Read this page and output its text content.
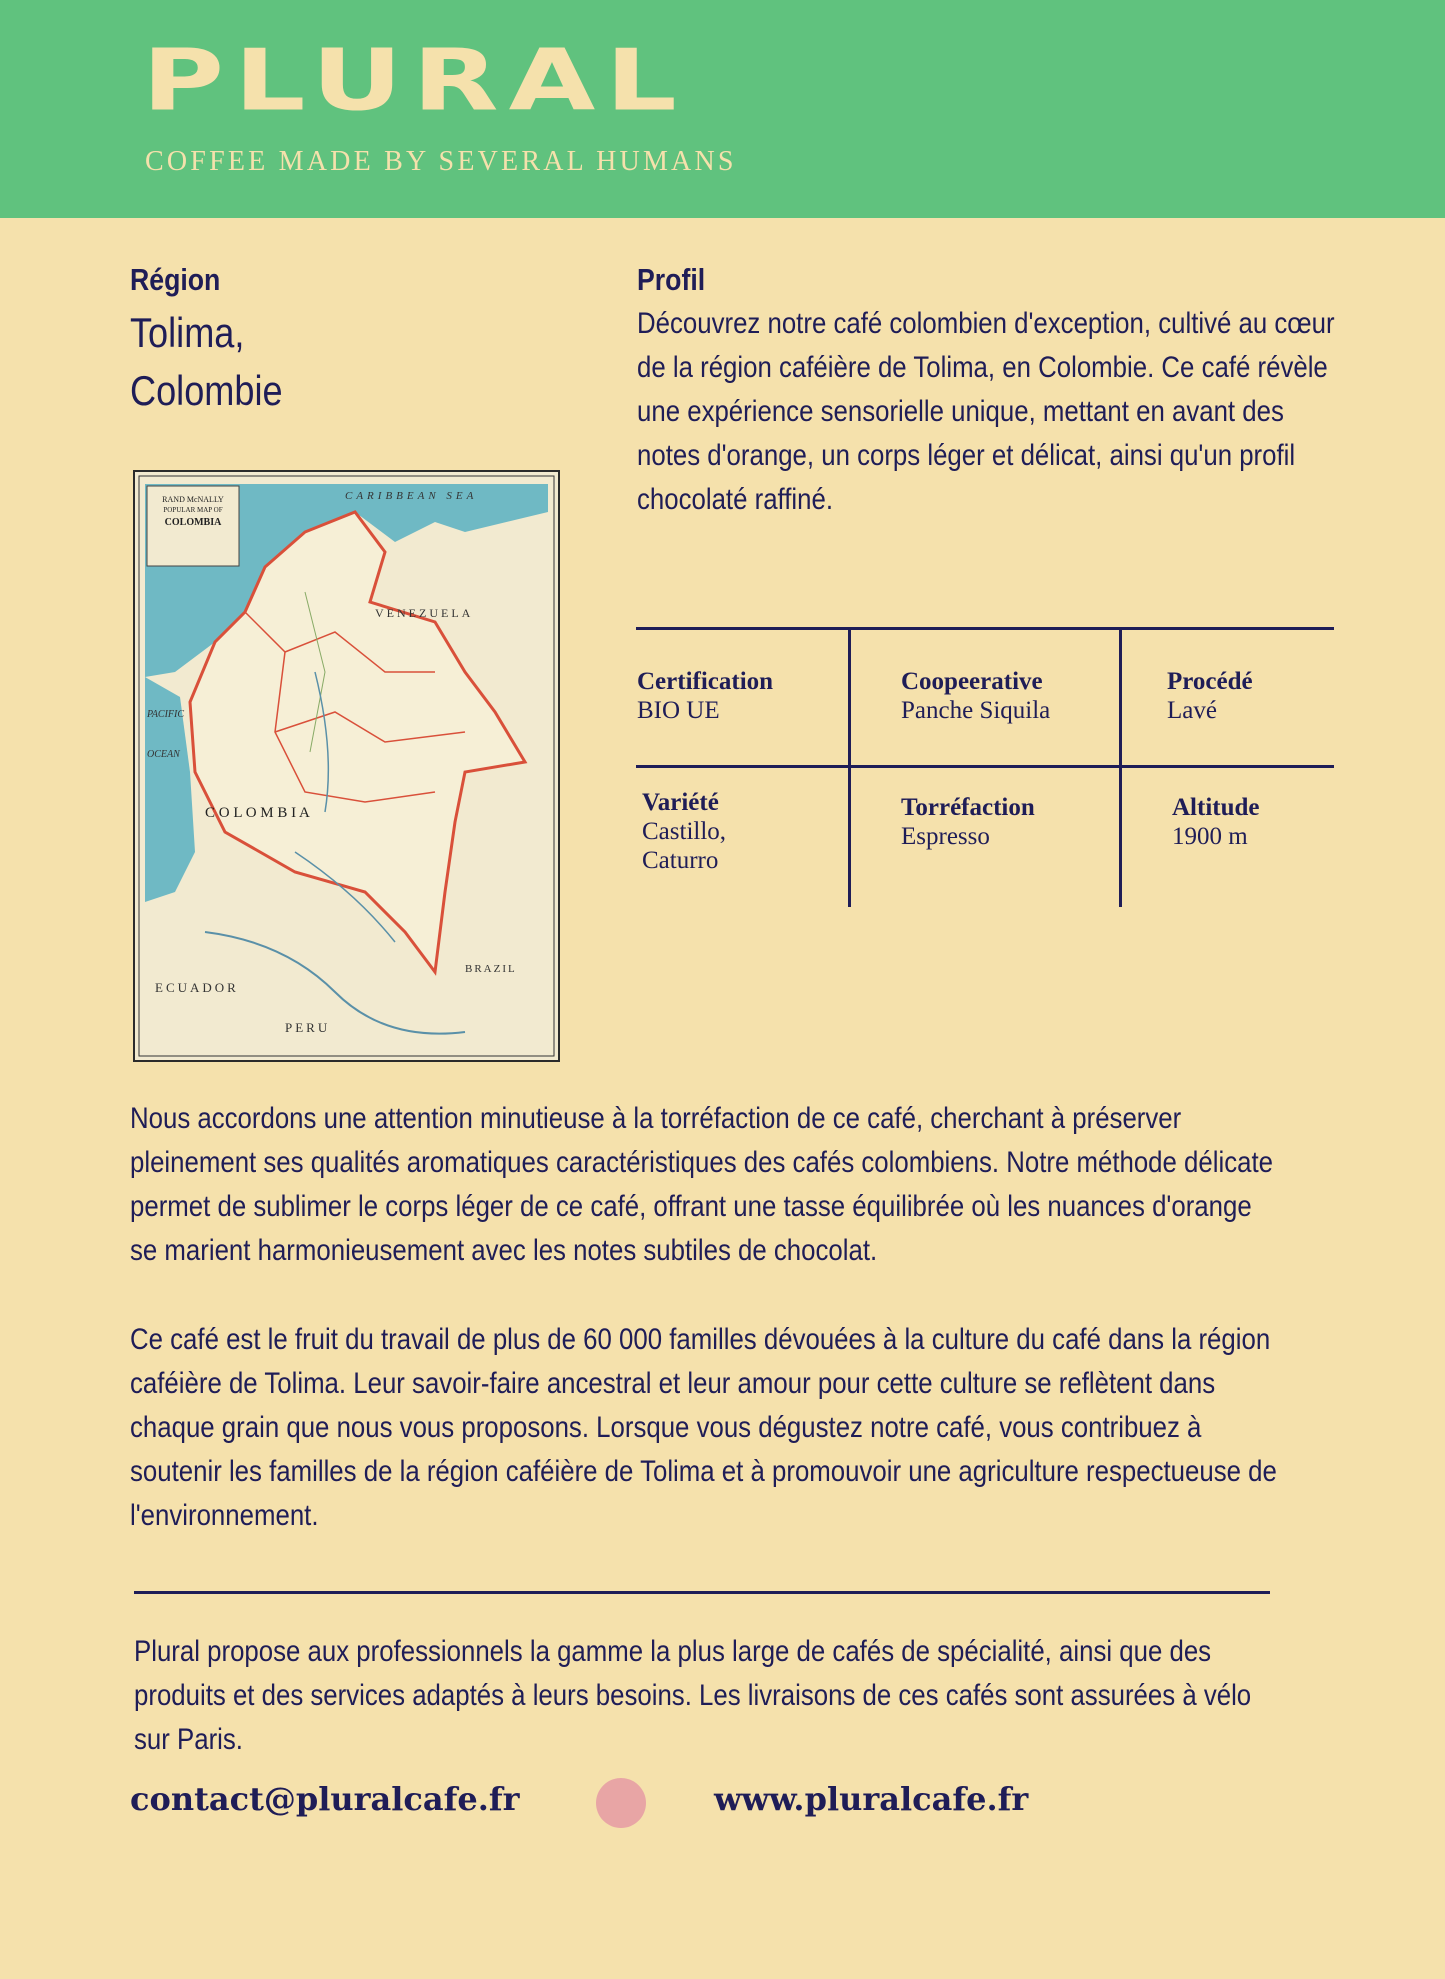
PLURAL
COFFEE MADE BY SEVERAL HUMANS
Région
Tolima, Colombie
RAND McNALLY
POPULAR MAP OF
COLOMBIA
CARIBBEAN SEA
VENEZUELA
PACIFIC
OCEAN
C O L O M B I A
ECUADOR
PERU
BRAZIL
Profil
Découvrez notre café colombien d'exception, cultivé au cœur de la région caféière de Tolima, en Colombie. Ce café révèle une expérience sensorielle unique, mettant en avant des notes d'orange, un corps léger et délicat, ainsi qu'un profil chocolaté raffiné.
Certification
BIO UE
Coopeerative
Panche Siquila
Procédé
Lavé
Variété
Castillo, Caturro
Torréfaction
Espresso
Altitude
1900 m
Nous accordons une attention minutieuse à la torréfaction de ce café, cherchant à préserver pleinement ses qualités aromatiques caractéristiques des cafés colombiens. Notre méthode délicate permet de sublimer le corps léger de ce café, offrant une tasse équilibrée où les nuances d'orange se marient harmonieusement avec les notes subtiles de chocolat.
Ce café est le fruit du travail de plus de 60 000 familles dévouées à la culture du café dans la région caféière de Tolima. Leur savoir-faire ancestral et leur amour pour cette culture se reflètent dans chaque grain que nous vous proposons. Lorsque vous dégustez notre café, vous contribuez à soutenir les familles de la région caféière de Tolima et à promouvoir une agriculture respectueuse de l'environnement.
Plural propose aux professionnels la gamme la plus large de cafés de spécialité, ainsi que des produits et des services adaptés à leurs besoins. Les livraisons de ces cafés sont assurées à vélo sur Paris.
contact@pluralcafe.fr	www.pluralcafe.fr
